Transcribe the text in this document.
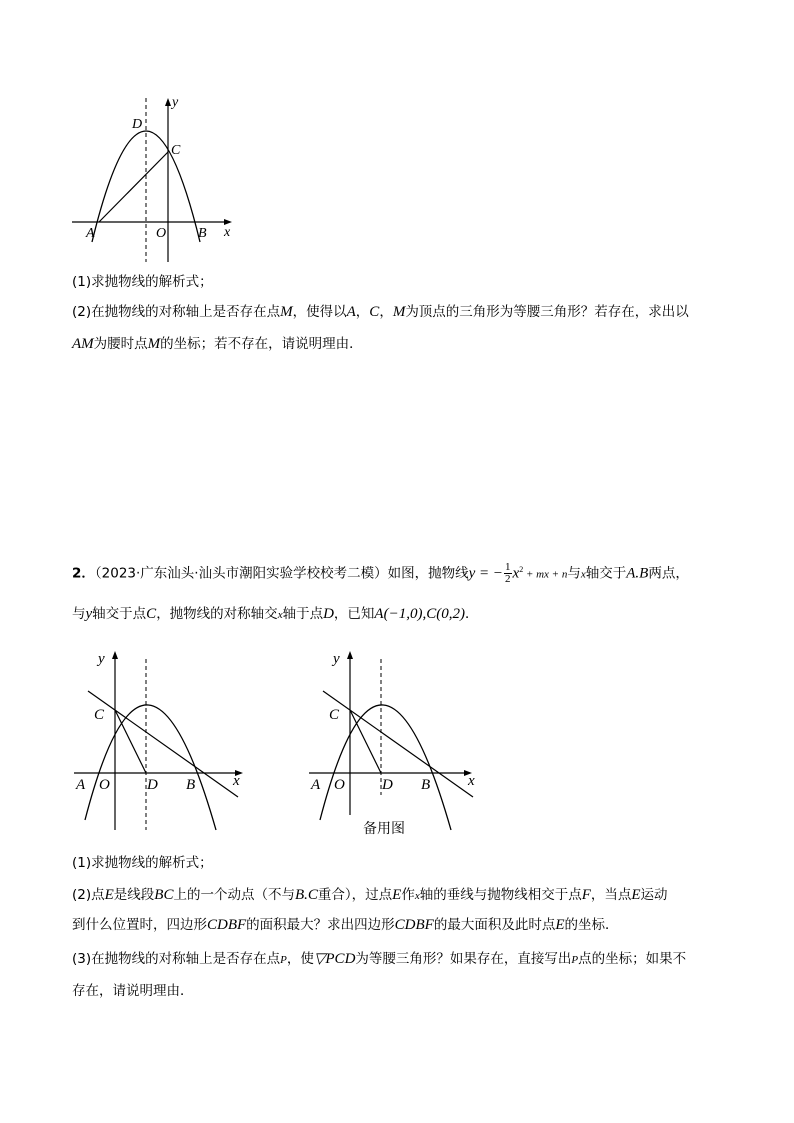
y
D
C
A	O B x
(1)求抛物线的解析式；
(2)在抛物线的对称轴上是否存在点M，使得以A，C，M为顶点的三角形为等腰三角形？若存在，求出以
AM为腰时点M的坐标；若不存在，请说明理由．
2．（2023·广东汕头·汕头市潮阳实验学校校考二模）如图，抛物线y = − $\frac{1}{2} x^2$ + mx + n与x轴交于A.B两点，
与y轴交于点C，抛物线的对称轴交x轴于点D，已知A(−1,0),C(0,2)．
y
C
A O D B	x
y
C
A O D B	x
备用图
(1)求抛物线的解析式；
(2)点E是线段BC上的一个动点（不与B.C重合），过点E作x轴的垂线与抛物线相交于点F，当点E运动
到什么位置时，四边形CDBF的面积最大？求出四边形CDBF的最大面积及此时点E的坐标．
(3)在抛物线的对称轴上是否存在点P，使▽PCD为等腰三角形？如果存在，直接写出P点的坐标；如果不
存在，请说明理由．
